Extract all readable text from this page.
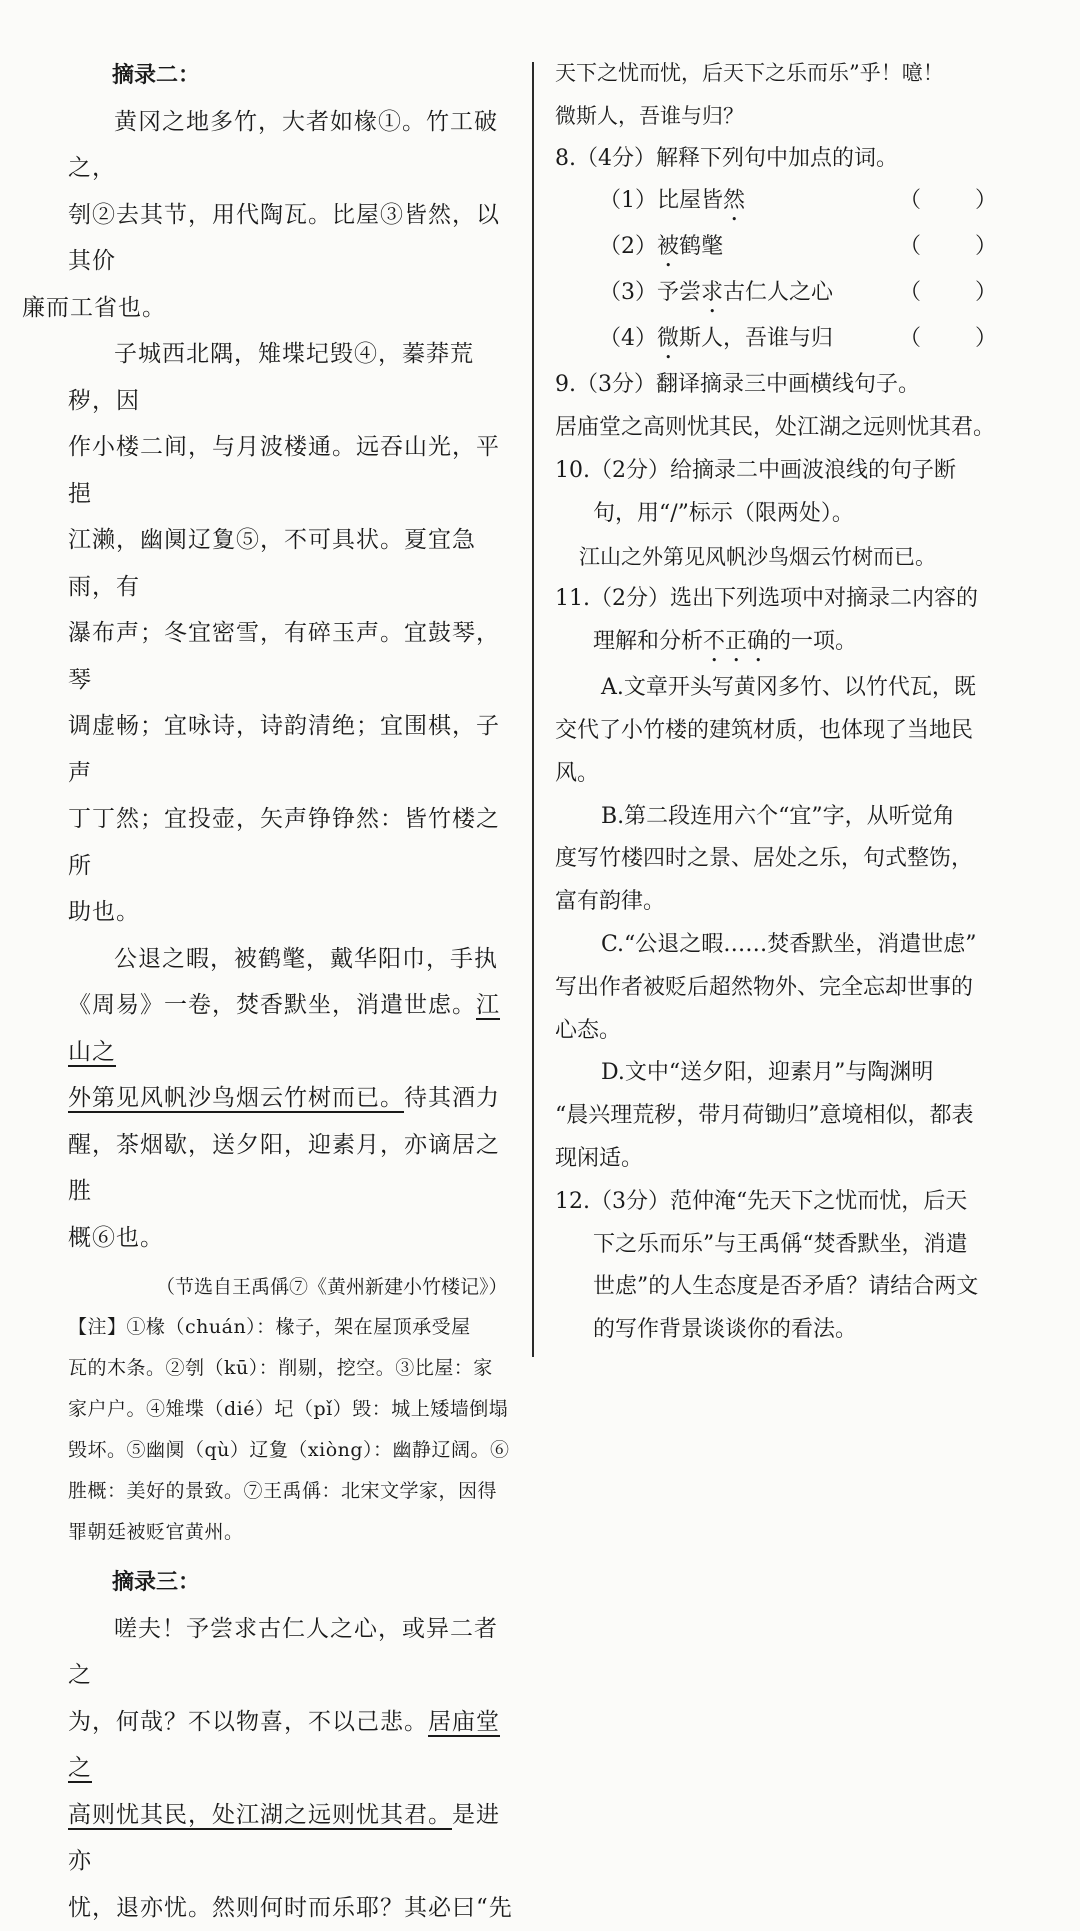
摘录二：

黄冈之地多竹，大者如椽①。竹工破之，
刳②去其节，用代陶瓦。比屋③皆然，以其价
廉而工省也。
子城西北隅，雉堞圮毁④，蓁莽荒秽，因
作小楼二间，与月波楼通。远吞山光，平挹
江濑，幽阒辽夐⑤，不可具状。夏宜急雨，有
瀑布声；冬宜密雪，有碎玉声。宜鼓琴，琴
调虚畅；宜咏诗，诗韵清绝；宜围棋，子声
丁丁然；宜投壶，矢声铮铮然：皆竹楼之所
助也。
公退之暇，被鹤氅，戴华阳巾，手执
《周易》一卷，焚香默坐，消遣世虑。江山之
外第见风帆沙鸟烟云竹树而已。待其酒力
醒，茶烟歇，送夕阳，迎素月，亦谪居之胜
概⑥也。

（节选自王禹偁⑦《黄州新建小竹楼记》）

【注】①椽（chuán）：椽子，架在屋顶承受屋
瓦的木条。②刳（kū）：削剔，挖空。③比屋：家
家户户。④雉堞（dié）圮（pǐ）毁：城上矮墙倒塌
毁坏。⑤幽阒（qù）辽夐（xiòng）：幽静辽阔。⑥
胜概：美好的景致。⑦王禹偁：北宋文学家，因得
罪朝廷被贬官黄州。

摘录三：

嗟夫！予尝求古仁人之心，或异二者之
为，何哉？不以物喜，不以己悲。居庙堂之
高则忧其民，处江湖之远则忧其君。是进亦
忧，退亦忧。然则何时而乐耶？其必曰“先
天下之忧而忧，后天下之乐而乐”乎！噫！
微斯人，吾谁与归？

8.（4分）解释下列句中加点的词。

（1）比屋皆然	（ ）
（2）被鹤氅	（ ）
（3）予尝求古仁人之心	（ ）
（4）微斯人，吾谁与归	（ ）

9.（3分）翻译摘录三中画横线句子。

居庙堂之高则忧其民，处江湖之远则忧其君。

10.（2分）给摘录二中画波浪线的句子断
句，用“/”标示（限两处）。

江山之外第见风帆沙鸟烟云竹树而已。

11.（2分）选出下列选项中对摘录二内容的
理解和分析不正确的一项。
A.文章开头写黄冈多竹、以竹代瓦，既
交代了小竹楼的建筑材质，也体现了当地民
风。
B.第二段连用六个“宜”字，从听觉角
度写竹楼四时之景、居处之乐，句式整饬，
富有韵律。
C.“公退之暇……焚香默坐，消遣世虑”
写出作者被贬后超然物外、完全忘却世事的
心态。
D.文中“送夕阳，迎素月”与陶渊明
“晨兴理荒秽，带月荷锄归”意境相似，都表
现闲适。
12.（3分）范仲淹“先天下之忧而忧，后天
下之乐而乐”与王禹偁“焚香默坐，消遣
世虑”的人生态度是否矛盾？请结合两文
的写作背景谈谈你的看法。
